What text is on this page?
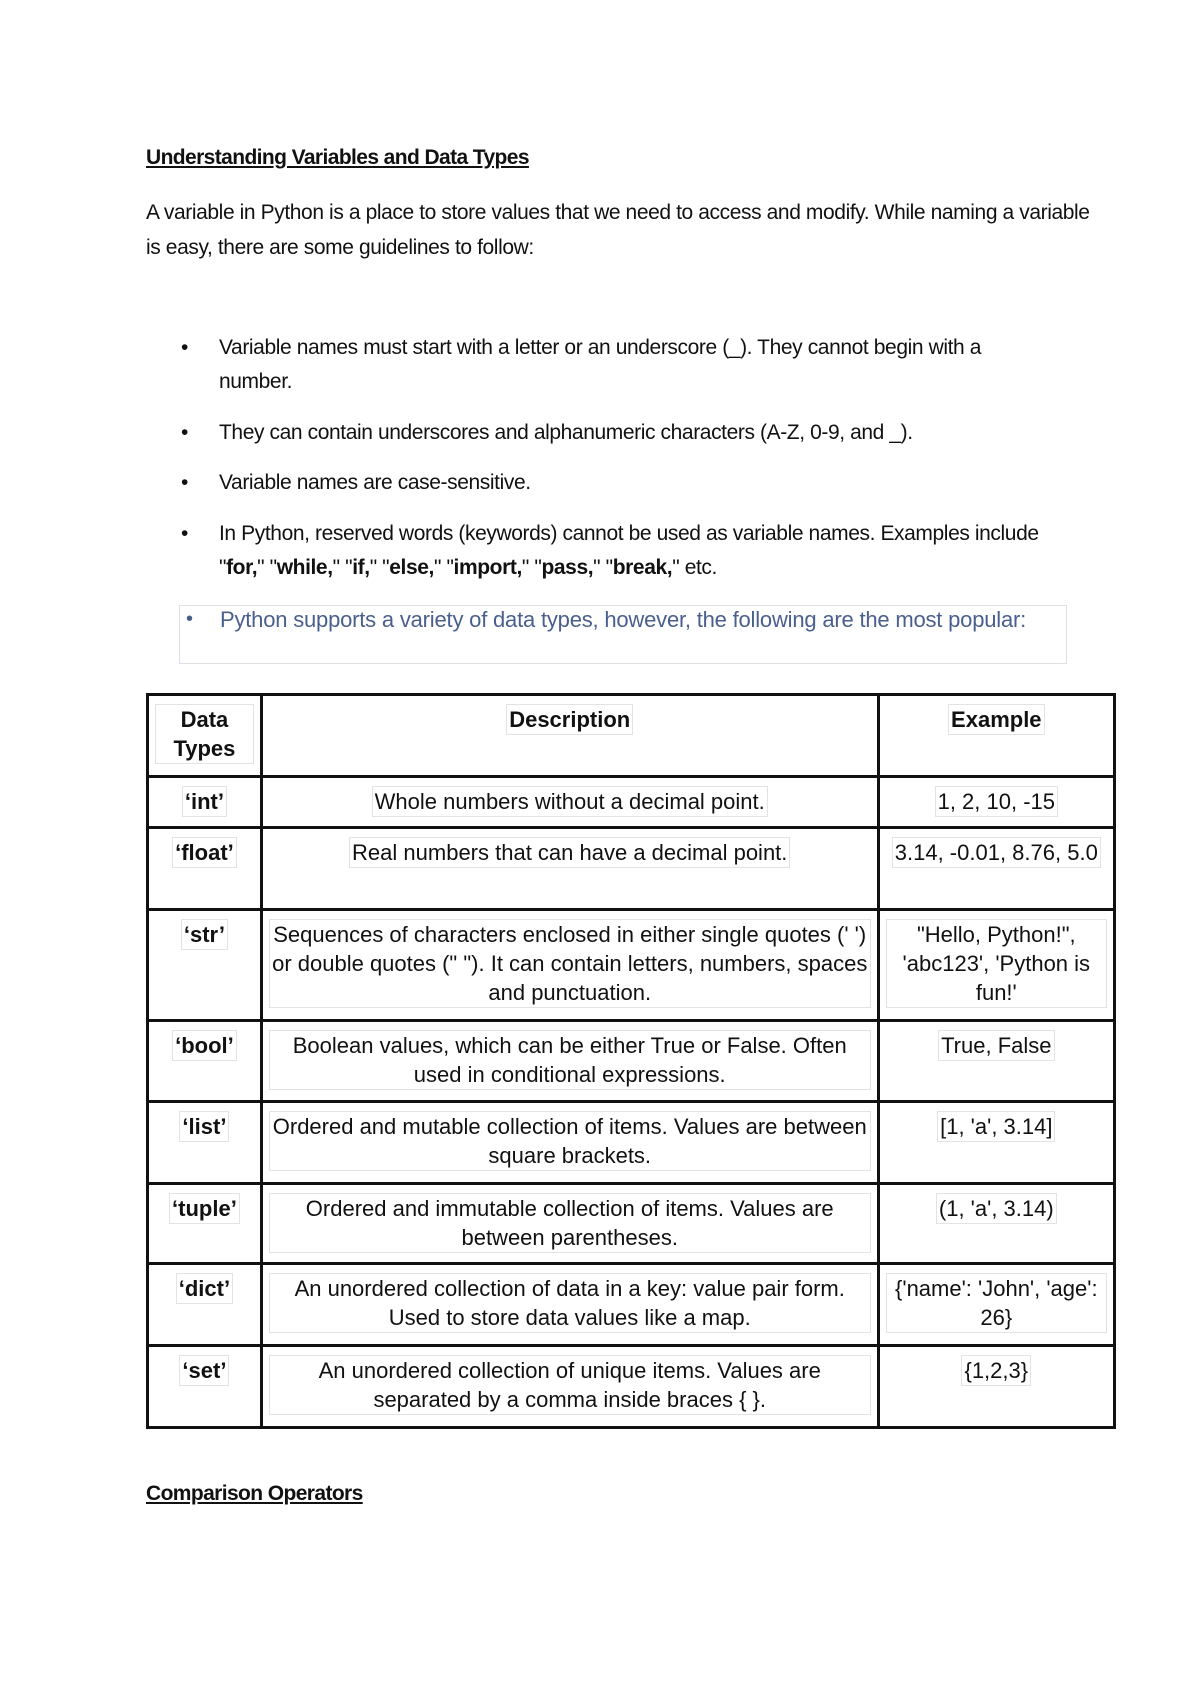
Understanding Variables and Data Types
A variable in Python is a place to store values that we need to access and modify. While naming a variable is easy, there are some guidelines to follow:
• Variable names must start with a letter or an underscore (_). They cannot begin with a number.
• They can contain underscores and alphanumeric characters (A-Z, 0-9, and _).
• Variable names are case-sensitive.
• In Python, reserved words (keywords) cannot be used as variable names. Examples include "for," "while," "if," "else," "import," "pass," "break," etc.
• Python supports a variety of data types, however, the following are the most popular:
Data Types	Description	Example
‘int’	Whole numbers without a decimal point.	1, 2, 10, -15
‘float’	Real numbers that can have a decimal point.	3.14, -0.01, 8.76, 5.0
‘str’	Sequences of characters enclosed in either single quotes (' ') or double quotes (" "). It can contain letters, numbers, spaces and punctuation.	"Hello, Python!", 'abc123', 'Python is fun!'
‘bool’	Boolean values, which can be either True or False. Often used in conditional expressions.	True, False
‘list’	Ordered and mutable collection of items. Values are between square brackets.	[1, 'a', 3.14]
‘tuple’	Ordered and immutable collection of items. Values are between parentheses.	(1, 'a', 3.14)
‘dict’	An unordered collection of data in a key: value pair form. Used to store data values like a map.	{'name': 'John', 'age': 26}
‘set’	An unordered collection of unique items. Values are separated by a comma inside braces { }.	{1,2,3}
Comparison Operators
